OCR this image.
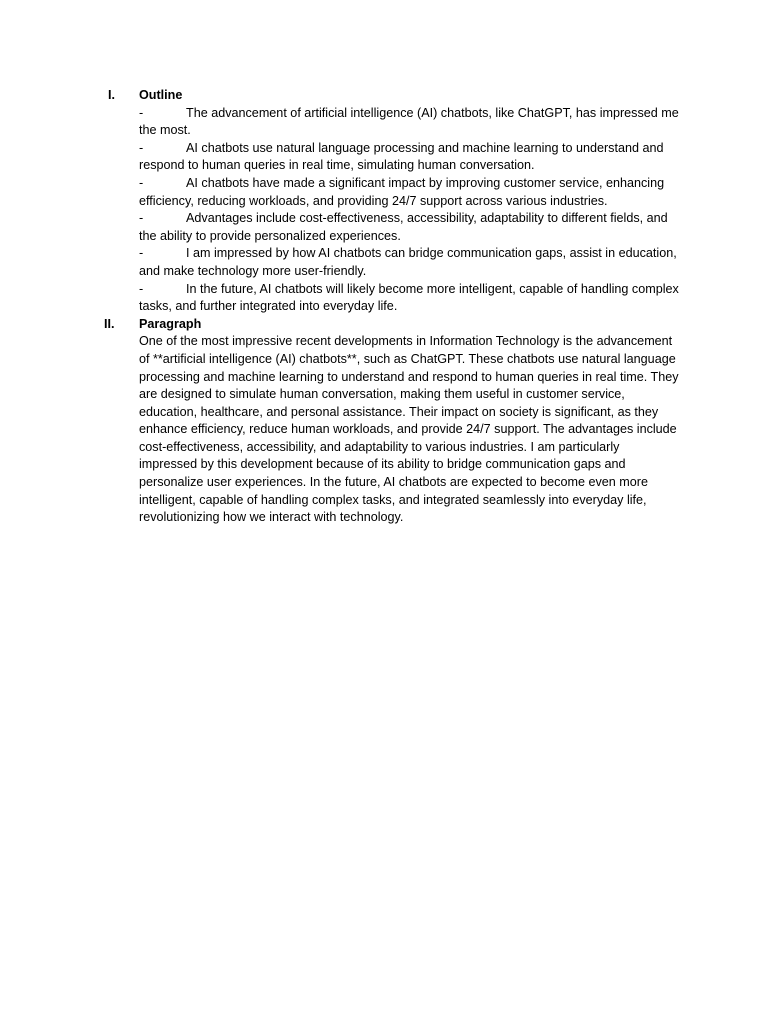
I.	Outline

-	The advancement of artificial intelligence (AI) chatbots, like ChatGPT, has impressed me the most.
-	AI chatbots use natural language processing and machine learning to understand and respond to human queries in real time, simulating human conversation.
-	AI chatbots have made a significant impact by improving customer service, enhancing efficiency, reducing workloads, and providing 24/7 support across various industries.
-	Advantages include cost-effectiveness, accessibility, adaptability to different fields, and the ability to provide personalized experiences.
-	I am impressed by how AI chatbots can bridge communication gaps, assist in education, and make technology more user-friendly.
-	In the future, AI chatbots will likely become more intelligent, capable of handling complex tasks, and further integrated into everyday life.
II.	Paragraph

One of the most impressive recent developments in Information Technology is the advancement of **artificial intelligence (AI) chatbots**, such as ChatGPT. These chatbots use natural language processing and machine learning to understand and respond to human queries in real time. They are designed to simulate human conversation, making them useful in customer service, education, healthcare, and personal assistance. Their impact on society is significant, as they enhance efficiency, reduce human workloads, and provide 24/7 support. The advantages include cost-effectiveness, accessibility, and adaptability to various industries. I am particularly impressed by this development because of its ability to bridge communication gaps and personalize user experiences. In the future, AI chatbots are expected to become even more intelligent, capable of handling complex tasks, and integrated seamlessly into everyday life, revolutionizing how we interact with technology.
